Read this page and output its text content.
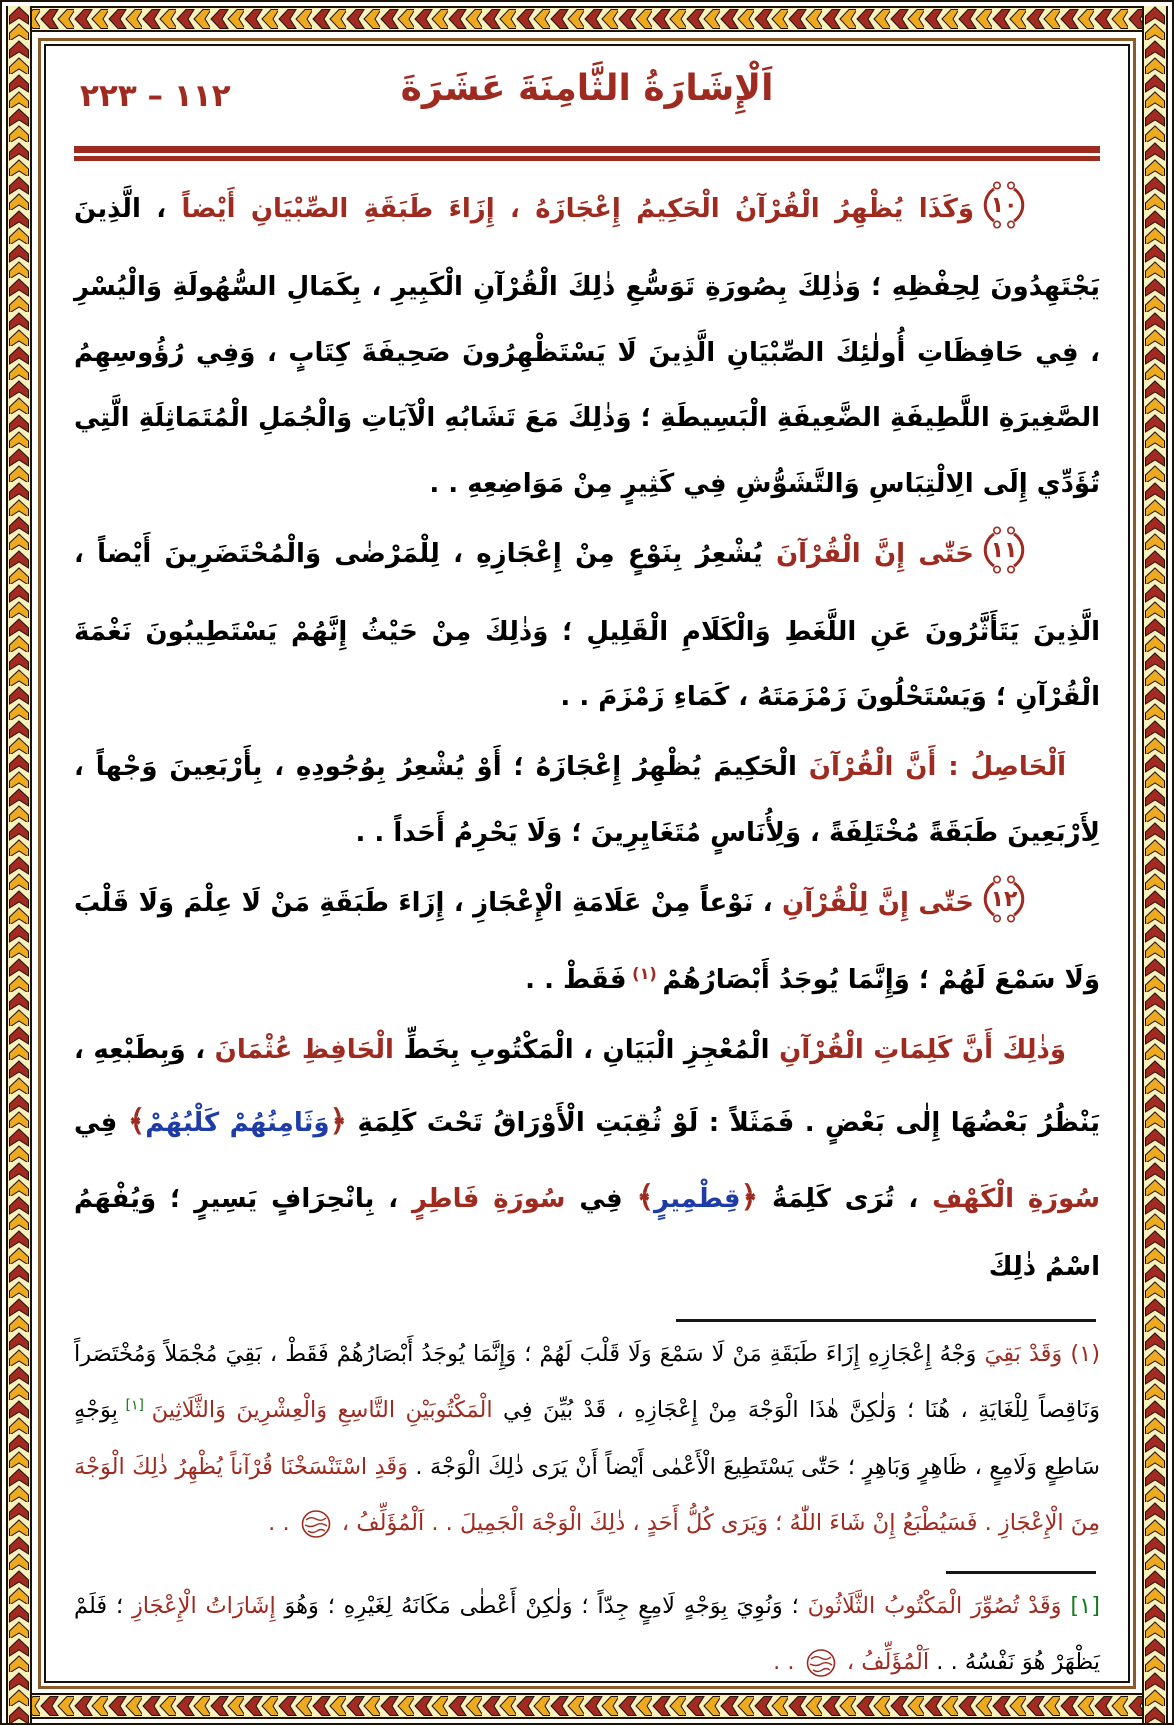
١١٢ – ٢٢٣	اَلْإِشَارَةُ الثَّامِنَةَ عَشَرَةَ
١٠
وَكَذَا يُظْهِرُ الْقُرْآنُ الْحَكِيمُ إِعْجَازَهُ ، إِزَاءَ طَبَقَةِ الصِّبْيَانِ أَيْضاً ، الَّذِينَ يَجْتَهِدُونَ لِحِفْظِهِ ؛ وَذٰلِكَ بِصُورَةِ تَوَسُّعِ ذٰلِكَ الْقُرْآنِ الْكَبِيرِ ، بِكَمَالِ السُّهُولَةِ وَالْيُسْرِ ، فِي حَافِظَاتِ أُولٰئِكَ الصِّبْيَانِ الَّذِينَ لَا يَسْتَظْهِرُونَ صَحِيفَةَ كِتَابٍ ، وَفِي رُؤُوسِهِمُ الصَّغِيرَةِ اللَّطِيفَةِ الضَّعِيفَةِ الْبَسِيطَةِ ؛ وَذٰلِكَ مَعَ تَشَابُهِ الْآيَاتِ وَالْجُمَلِ الْمُتَمَاثِلَةِ الَّتِي تُؤَدِّي إِلَى الِالْتِبَاسِ وَالتَّشَوُّشِ فِي كَثِيرٍ مِنْ مَوَاضِعِهِ . .
١١
حَتّٰى إِنَّ الْقُرْآنَ يُشْعِرُ بِنَوْعٍ مِنْ إِعْجَازِهِ ، لِلْمَرْضٰى وَالْمُحْتَضَرِينَ أَيْضاً ، الَّذِينَ يَتَأَثَّرُونَ عَنِ اللَّغَطِ وَالْكَلَامِ الْقَلِيلِ ؛ وَذٰلِكَ مِنْ حَيْثُ إِنَّهُمْ يَسْتَطِيبُونَ نَغْمَةَ الْقُرْآنِ ؛ وَيَسْتَحْلُونَ زَمْزَمَتَهُ ، كَمَاءِ زَمْزَمَ . .
اَلْحَاصِلُ : أَنَّ الْقُرْآنَ الْحَكِيمَ يُظْهِرُ إِعْجَازَهُ ؛ أَوْ يُشْعِرُ بِوُجُودِهِ ، بِأَرْبَعِينَ وَجْهاً ، لِأَرْبَعِينَ طَبَقَةً مُخْتَلِفَةً ، وَلِأُنَاسٍ مُتَغَايِرِينَ ؛ وَلَا يَحْرِمُ أَحَداً . .
١٢
حَتّٰى إِنَّ لِلْقُرْآنِ ، نَوْعاً مِنْ عَلَامَةِ الْإِعْجَازِ ، إِزَاءَ طَبَقَةِ مَنْ لَا عِلْمَ وَلَا قَلْبَ وَلَا سَمْعَ لَهُمْ ؛ وَإِنَّمَا يُوجَدُ أَبْصَارُهُمْ $^{(١)}$ فَقَطْ . .
وَذٰلِكَ أَنَّ كَلِمَاتِ الْقُرْآنِ الْمُعْجِزِ الْبَيَانِ ، الْمَكْتُوبِ بِخَطِّ الْحَافِظِ عُثْمَانَ ، وَبِطَبْعِهِ ، يَنْظُرُ بَعْضُهَا إِلٰى بَعْضٍ . فَمَثَلاً : لَوْ ثُقِبَتِ الْأَوْرَاقُ تَحْتَ كَلِمَةِ ﴿وَثَامِنُهُمْ كَلْبُهُمْ﴾ فِي سُورَةِ الْكَهْفِ ، تُرَى كَلِمَةُ ﴿قِطْمِيرٍ﴾ فِي سُورَةِ فَاطِرٍ ، بِانْحِرَافٍ يَسِيرٍ ؛ وَيُفْهَمُ اسْمُ ذٰلِكَ
(١) وَقَدْ بَقِيَ وَجْهُ إِعْجَازِهِ إِزَاءَ طَبَقَةِ مَنْ لَا سَمْعَ وَلَا قَلْبَ لَهُمْ ؛ وَإِنَّمَا يُوجَدُ أَبْصَارُهُمْ فَقَطْ ، بَقِيَ مُجْمَلاً وَمُخْتَصَراً وَنَاقِصاً لِلْغَايَةِ ، هُنَا ؛ وَلٰكِنَّ هٰذَا الْوَجْهَ مِنْ إِعْجَازِهِ ، قَدْ بُيِّنَ فِي الْمَكْتُوبَيْنِ التَّاسِعِ وَالْعِشْرِينَ وَالثَّلَاثِينَ [١] بِوَجْهٍ سَاطِعٍ وَلَامِعٍ ، ظَاهِرٍ وَبَاهِرٍ ؛ حَتّٰى يَسْتَطِيعَ الْأَعْمٰى أَيْضاً أَنْ يَرَى ذٰلِكَ الْوَجْهَ . وَقَدِ اسْتَنْسَخْنَا قُرْآناً يُظْهِرُ ذٰلِكَ الْوَجْهَ مِنَ الْإِعْجَازِ . فَسَيُطْبَعُ إِنْ شَاءَ اللّٰهُ ؛ وَيَرَى كُلُّ أَحَدٍ ، ذٰلِكَ الْوَجْهَ الْجَمِيلَ . . اَلْمُؤَلِّفُ ،  . .
[١] وَقَدْ تُصُوِّرَ الْمَكْتُوبُ الثَّلَاثُونَ ؛ وَنُوِيَ بِوَجْهٍ لَامِعٍ جِدّاً ؛ وَلٰكِنْ أَعْطٰى مَكَانَهُ لِغَيْرِهِ ؛ وَهُوَ إِشَارَاتُ الْإِعْجَازِ ؛ فَلَمْ يَظْهَرْ هُوَ نَفْسُهُ . . اَلْمُؤَلِّفُ ،  . .
